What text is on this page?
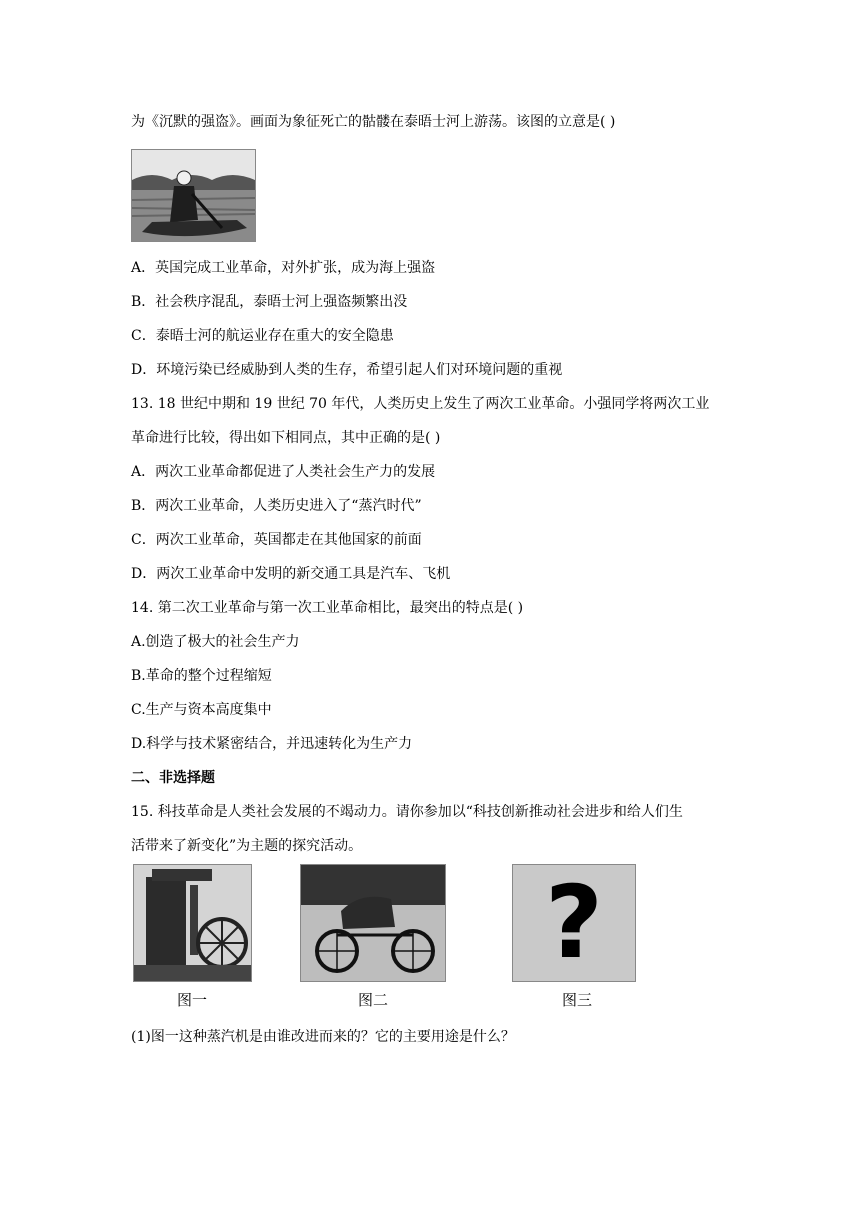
为《沉默的强盗》。画面为象征死亡的骷髅在泰晤士河上游荡。该图的立意是( )
A．英国完成工业革命，对外扩张，成为海上强盗
B．社会秩序混乱，泰晤士河上强盗频繁出没
C．泰晤士河的航运业存在重大的安全隐患
D．环境污染已经威胁到人类的生存，希望引起人们对环境问题的重视
13. 18 世纪中期和 19 世纪 70 年代，人类历史上发生了两次工业革命。小强同学将两次工业
革命进行比较，得出如下相同点，其中正确的是( )
A．两次工业革命都促进了人类社会生产力的发展
B．两次工业革命，人类历史进入了“蒸汽时代”
C．两次工业革命，英国都走在其他国家的前面
D．两次工业革命中发明的新交通工具是汽车、飞机
14. 第二次工业革命与第一次工业革命相比，最突出的特点是( )
A.创造了极大的社会生产力
B.革命的整个过程缩短
C.生产与资本高度集中
D.科学与技术紧密结合，并迅速转化为生产力
二、非选择题
15. 科技革命是人类社会发展的不竭动力。请你参加以“科技创新推动社会进步和给人们生
活带来了新变化”为主题的探究活动。
?
图一	图二	图三
(1)图一这种蒸汽机是由谁改进而来的？它的主要用途是什么？
